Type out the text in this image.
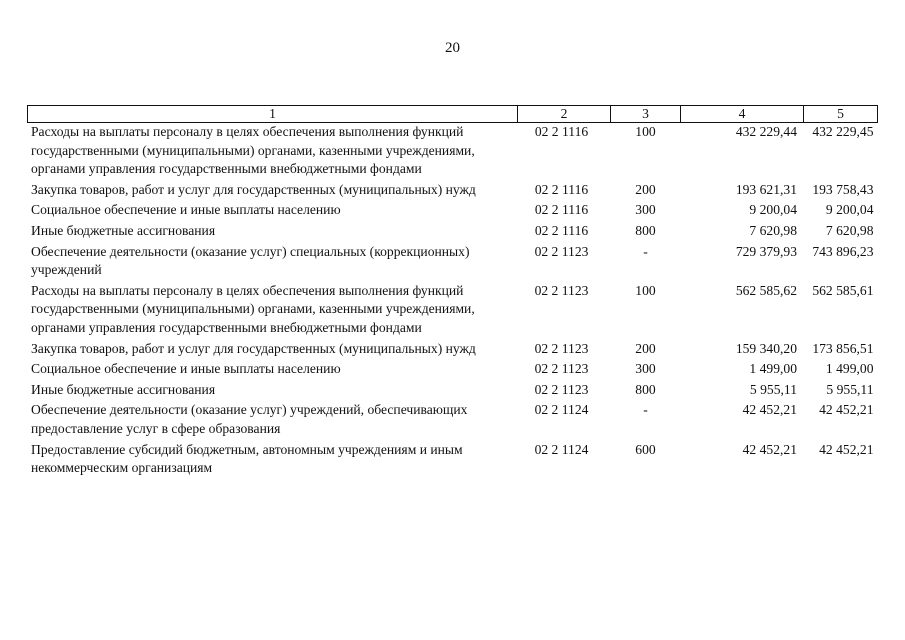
20
1	2	3	4	5
Расходы на выплаты персоналу в целях обеспечения выполнения функций государственными (муниципальными) органами, казенными учреждениями, органами управления государственными внебюджетными фондами	02 2 1116	100	432 229,44	432 229,45
Закупка товаров, работ и услуг для государственных (муниципальных) нужд	02 2 1116	200	193 621,31	193 758,43
Социальное обеспечение и иные выплаты населению	02 2 1116	300	9 200,04	9 200,04
Иные бюджетные ассигнования	02 2 1116	800	7 620,98	7 620,98
Обеспечение деятельности (оказание услуг) специальных (коррекционных) учреждений	02 2 1123	-	729 379,93	743 896,23
Расходы на выплаты персоналу в целях обеспечения выполнения функций государственными (муниципальными) органами, казенными учреждениями, органами управления государственными внебюджетными фондами	02 2 1123	100	562 585,62	562 585,61
Закупка товаров, работ и услуг для государственных (муниципальных) нужд	02 2 1123	200	159 340,20	173 856,51
Социальное обеспечение и иные выплаты населению	02 2 1123	300	1 499,00	1 499,00
Иные бюджетные ассигнования	02 2 1123	800	5 955,11	5 955,11
Обеспечение деятельности (оказание услуг) учреждений, обеспечивающих предоставление услуг в сфере образования	02 2 1124	-	42 452,21	42 452,21
Предоставление субсидий бюджетным, автономным учреждениям и иным некоммерческим организациям	02 2 1124	600	42 452,21	42 452,21
